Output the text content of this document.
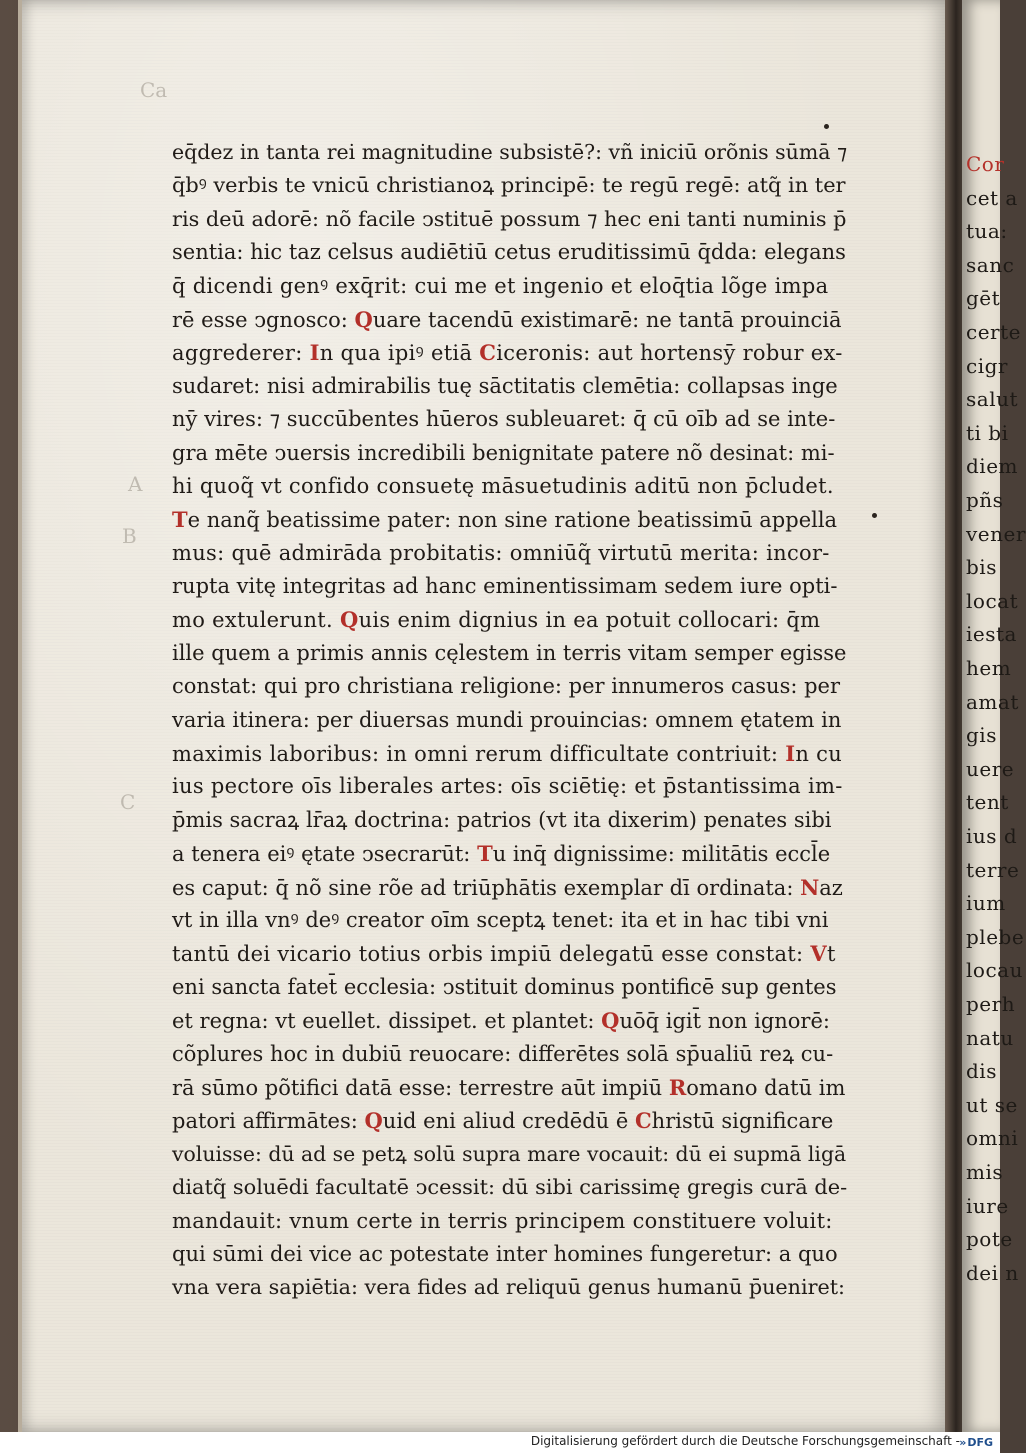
Ca
A
B
C
eq̄dez in tanta rei magnitudine subsistē?: vñ iniciū orõnis sūmā ⁊
q̄bꝰ verbis te vnicū christianoꝝ principē: te regū regē: atq̃ in ter
ris deū adorē: nõ facile ↄstituē possum ⁊ hec eni tanti numinis p̄
sentia: hic taz celsus audiētiū cetus eruditissimū q̄dda: elegans
q̄ dicendi genꝰ exq̄rit: cui me et ingenio et eloq̄tia lõge impa
rē esse ↄgnosco: Quare tacendū existimarē: ne tantā prouinciā
aggrederer: In qua ipiꝰ etiā Ciceronis: aut hortensȳ robur ex-
sudaret: nisi admirabilis tuę sāctitatis clemētia: collapsas inge
nȳ vires: ⁊ succūbentes hūeros subleuaret: q̄ cū oīb ad se inte-
gra mēte ↄuersis incredibili benignitate patere nõ desinat: mi-
hi quoq̃ vt confido consuetę māsuetudinis aditū non p̄cludet.
Te nanq̃ beatissime pater: non sine ratione beatissimū appella
mus: quē admirāda probitatis: omniūq̃ virtutū merita: incor-
rupta vitę integritas ad hanc eminentissimam sedem iure opti-
mo extulerunt. Quis enim dignius in ea potuit collocari: q̄m
ille quem a primis annis cęlestem in terris vitam semper egisse
constat: qui pro christiana religione: per innumeros casus: per
varia itinera: per diuersas mundi prouincias: omnem ętatem in
maximis laboribus: in omni rerum difficultate contriuit: In cu
ius pectore oīs liberales artes: oīs sciētię: et p̄stantissima im-
p̄mis sacraꝝ lr̄aꝝ doctrina: patrios (vt ita dixerim) penates sibi
a tenera eiꝰ ętate ↄsecrarūt: Tu inq̄ dignissime: militātis eccl̄e
es caput: q̄ nõ sine rõe ad triūphātis exemplar dī ordinata: Naz
vt in illa vnꝰ deꝰ creator oīm sceptꝝ tenet: ita et in hac tibi vni
tantū dei vicario totius orbis impiū delegatū esse constat: Vt
eni sancta fatet̄ ecclesia: ↄstituit dominus pontificē sup gentes
et regna: vt euellet. dissipet. et plantet: Quōq̄ igit̄ non ignorē:
cõplures hoc in dubiū reuocare: differētes solā sp̄ualiū reꝝ cu-
rā sūmo põtifici datā esse: terrestre aūt impiū Romano datū im
patori affirmātes: Quid eni aliud credēdū ē Christū significare
voluisse: dū ad se petꝝ solū supra mare vocauit: dū ei supmā ligā
diatq̃ soluēdi facultatē ↄcessit: dū sibi carissimę gregis curā de-
mandauit: vnum certe in terris principem constituere voluit:
qui sūmi dei vice ac potestate inter homines fungeretur: a quo
vna vera sapiētia: vera fides ad reliquū genus humanū p̄ueniret:
Cor
cet a
tua:
sanc
gēt
certe
cigr
salut
ti bi
diem
pñs
vener
bis
locat
iesta
hem
amat
gis
uere
tent
ius d
terre
ium
plebe
locau
perh
natu
dis
ut se
omni
mis
iure
pote
dei n
Digitalisierung gefördert durch die Deutsche Forschungsgemeinschaft -
» DFG
